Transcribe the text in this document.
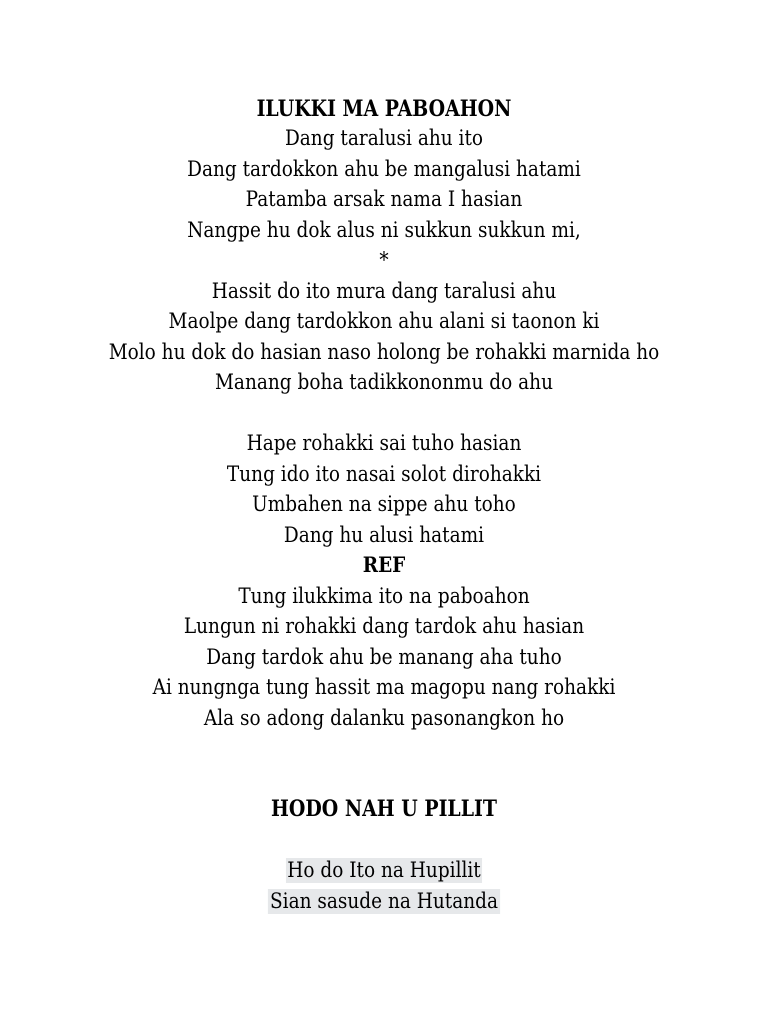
ILUKKI MA PABOAHON
Dang taralusi ahu ito
Dang tardokkon ahu be mangalusi hatami
Patamba arsak nama I hasian
Nangpe hu dok alus ni sukkun sukkun mi,
*
Hassit do ito mura dang taralusi ahu
Maolpe dang tardokkon ahu alani si taonon ki
Molo hu dok do hasian naso holong be rohakki marnida ho
Manang boha tadikkononmu do ahu
Hape rohakki sai tuho hasian
Tung ido ito nasai solot dirohakki
Umbahen na sippe ahu toho
Dang hu alusi hatami
REF
Tung ilukkima ito na paboahon
Lungun ni rohakki dang tardok ahu hasian
Dang tardok ahu be manang aha tuho
Ai nungnga tung hassit ma magopu nang rohakki
Ala so adong dalanku pasonangkon ho
HODO NAH U PILLIT
Ho do Ito na Hupillit
Sian sasude na Hutanda
